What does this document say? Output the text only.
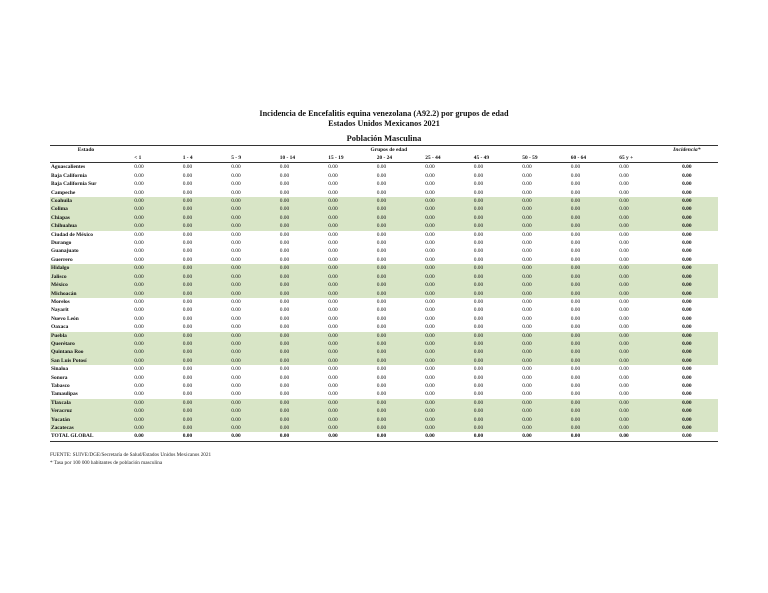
Incidencia de Encefalitis equina venezolana (A92.2) por grupos de edad
Estados Unidos Mexicanos 2021
Población Masculina
Estado	Grupos de edad											Incidencia*
	< 1	1 - 4	5 - 9	10 - 14	15 - 19	20 - 24	25 - 44	45 - 49	50 - 59	60 - 64	65 y +	
Aguascalientes	0.00	0.00	0.00	0.00	0.00	0.00	0.00	0.00	0.00	0.00	0.00	0.00
Baja California	0.00	0.00	0.00	0.00	0.00	0.00	0.00	0.00	0.00	0.00	0.00	0.00
Baja California Sur	0.00	0.00	0.00	0.00	0.00	0.00	0.00	0.00	0.00	0.00	0.00	0.00
Campeche	0.00	0.00	0.00	0.00	0.00	0.00	0.00	0.00	0.00	0.00	0.00	0.00
Coahuila	0.00	0.00	0.00	0.00	0.00	0.00	0.00	0.00	0.00	0.00	0.00	0.00
Colima	0.00	0.00	0.00	0.00	0.00	0.00	0.00	0.00	0.00	0.00	0.00	0.00
Chiapas	0.00	0.00	0.00	0.00	0.00	0.00	0.00	0.00	0.00	0.00	0.00	0.00
Chihuahua	0.00	0.00	0.00	0.00	0.00	0.00	0.00	0.00	0.00	0.00	0.00	0.00
Ciudad de México	0.00	0.00	0.00	0.00	0.00	0.00	0.00	0.00	0.00	0.00	0.00	0.00
Durango	0.00	0.00	0.00	0.00	0.00	0.00	0.00	0.00	0.00	0.00	0.00	0.00
Guanajuato	0.00	0.00	0.00	0.00	0.00	0.00	0.00	0.00	0.00	0.00	0.00	0.00
Guerrero	0.00	0.00	0.00	0.00	0.00	0.00	0.00	0.00	0.00	0.00	0.00	0.00
Hidalgo	0.00	0.00	0.00	0.00	0.00	0.00	0.00	0.00	0.00	0.00	0.00	0.00
Jalisco	0.00	0.00	0.00	0.00	0.00	0.00	0.00	0.00	0.00	0.00	0.00	0.00
México	0.00	0.00	0.00	0.00	0.00	0.00	0.00	0.00	0.00	0.00	0.00	0.00
Michoacán	0.00	0.00	0.00	0.00	0.00	0.00	0.00	0.00	0.00	0.00	0.00	0.00
Morelos	0.00	0.00	0.00	0.00	0.00	0.00	0.00	0.00	0.00	0.00	0.00	0.00
Nayarit	0.00	0.00	0.00	0.00	0.00	0.00	0.00	0.00	0.00	0.00	0.00	0.00
Nuevo León	0.00	0.00	0.00	0.00	0.00	0.00	0.00	0.00	0.00	0.00	0.00	0.00
Oaxaca	0.00	0.00	0.00	0.00	0.00	0.00	0.00	0.00	0.00	0.00	0.00	0.00
Puebla	0.00	0.00	0.00	0.00	0.00	0.00	0.00	0.00	0.00	0.00	0.00	0.00
Querétaro	0.00	0.00	0.00	0.00	0.00	0.00	0.00	0.00	0.00	0.00	0.00	0.00
Quintana Roo	0.00	0.00	0.00	0.00	0.00	0.00	0.00	0.00	0.00	0.00	0.00	0.00
San Luis Potosí	0.00	0.00	0.00	0.00	0.00	0.00	0.00	0.00	0.00	0.00	0.00	0.00
Sinaloa	0.00	0.00	0.00	0.00	0.00	0.00	0.00	0.00	0.00	0.00	0.00	0.00
Sonora	0.00	0.00	0.00	0.00	0.00	0.00	0.00	0.00	0.00	0.00	0.00	0.00
Tabasco	0.00	0.00	0.00	0.00	0.00	0.00	0.00	0.00	0.00	0.00	0.00	0.00
Tamaulipas	0.00	0.00	0.00	0.00	0.00	0.00	0.00	0.00	0.00	0.00	0.00	0.00
Tlaxcala	0.00	0.00	0.00	0.00	0.00	0.00	0.00	0.00	0.00	0.00	0.00	0.00
Veracruz	0.00	0.00	0.00	0.00	0.00	0.00	0.00	0.00	0.00	0.00	0.00	0.00
Yucatán	0.00	0.00	0.00	0.00	0.00	0.00	0.00	0.00	0.00	0.00	0.00	0.00
Zacatecas	0.00	0.00	0.00	0.00	0.00	0.00	0.00	0.00	0.00	0.00	0.00	0.00
TOTAL GLOBAL	0.00	0.00	0.00	0.00	0.00	0.00	0.00	0.00	0.00	0.00	0.00	0.00
FUENTE: SUIVE/DGE/Secretaría de Salud/Estados Unidos Mexicanos 2021
* Tasa por 100 000 habitantes de población masculina
